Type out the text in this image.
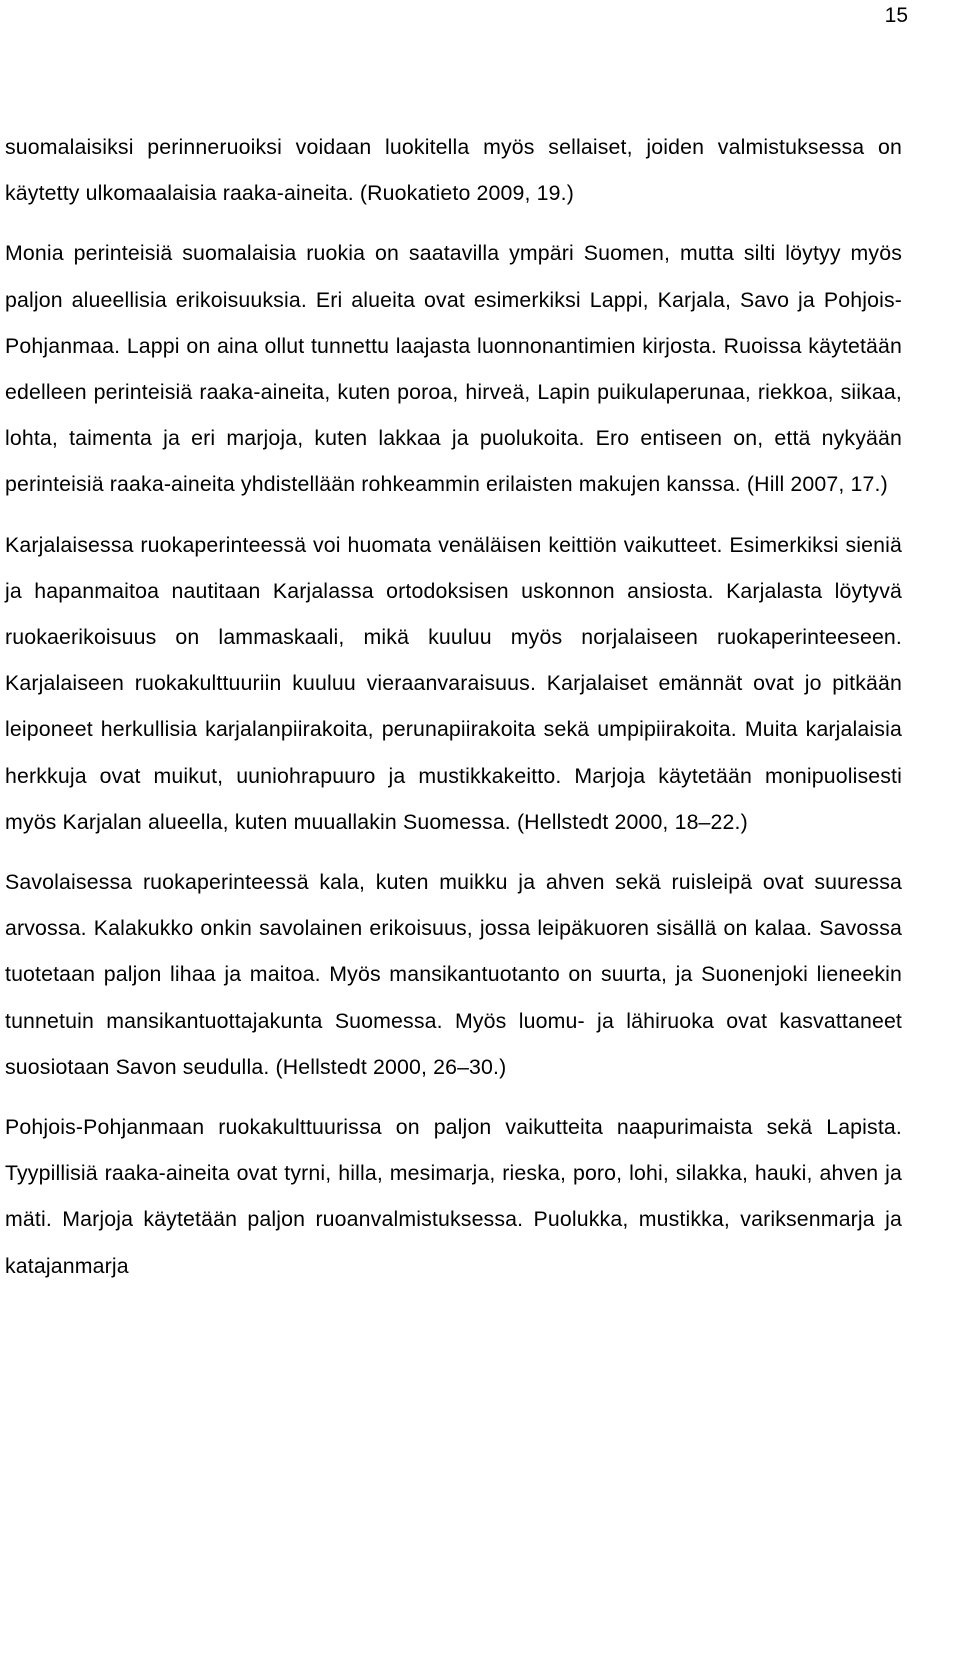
15

suomalaisiksi perinneruoiksi voidaan luokitella myös sellaiset, joiden valmistuksessa on käytetty ulkomaalaisia raaka-aineita. (Ruokatieto 2009, 19.)

Monia perinteisiä suomalaisia ruokia on saatavilla ympäri Suomen, mutta silti löytyy myös paljon alueellisia erikoisuuksia. Eri alueita ovat esimerkiksi Lappi, Karjala, Savo ja Pohjois-Pohjanmaa. Lappi on aina ollut tunnettu laajasta luonnonantimien kirjosta. Ruoissa käytetään edelleen perinteisiä raaka-aineita, kuten poroa, hirveä, Lapin puikulaperunaa, riekkoa, siikaa, lohta, taimenta ja eri marjoja, kuten lakkaa ja puolukoita. Ero entiseen on, että nykyään perinteisiä raaka-aineita yhdistellään rohkeammin erilaisten makujen kanssa. (Hill 2007, 17.)

Karjalaisessa ruokaperinteessä voi huomata venäläisen keittiön vaikutteet. Esimerkiksi sieniä ja hapanmaitoa nautitaan Karjalassa ortodoksisen uskonnon ansiosta. Karjalasta löytyvä ruokaerikoisuus on lammaskaali, mikä kuuluu myös norjalaiseen ruokaperinteeseen. Karjalaiseen ruokakulttuuriin kuuluu vieraanvaraisuus. Karjalaiset emännät ovat jo pitkään leiponeet herkullisia karjalanpiirakoita, perunapiirakoita sekä umpipiirakoita. Muita karjalaisia herkkuja ovat muikut, uuniohrapuuro ja mustikkakeitto. Marjoja käytetään monipuolisesti myös Karjalan alueella, kuten muuallakin Suomessa. (Hellstedt 2000, 18–22.)

Savolaisessa ruokaperinteessä kala, kuten muikku ja ahven sekä ruisleipä ovat suuressa arvossa. Kalakukko onkin savolainen erikoisuus, jossa leipäkuoren sisällä on kalaa. Savossa tuotetaan paljon lihaa ja maitoa. Myös mansikantuotanto on suurta, ja Suonenjoki lieneekin tunnetuin mansikantuottajakunta Suomessa. Myös luomu- ja lähiruoka ovat kasvattaneet suosiotaan Savon seudulla. (Hellstedt 2000, 26–30.)

Pohjois-Pohjanmaan ruokakulttuurissa on paljon vaikutteita naapurimaista sekä Lapista. Tyypillisiä raaka-aineita ovat tyrni, hilla, mesimarja, rieska, poro, lohi, silakka, hauki, ahven ja mäti. Marjoja käytetään paljon ruoanvalmistuksessa. Puolukka, mustikka, variksenmarja ja katajanmarja
